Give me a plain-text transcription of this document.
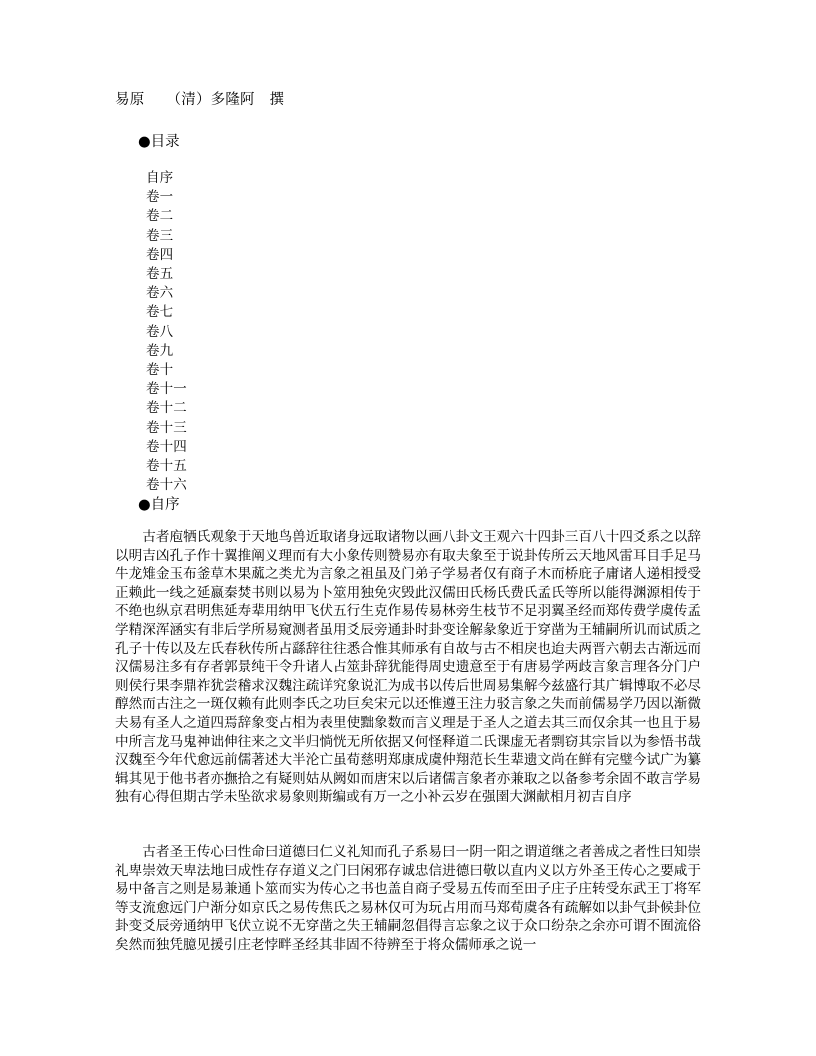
易原　　（清）多隆阿　撰
●目录
自序
卷一
卷二
卷三
卷四
卷五
卷六
卷七
卷八
卷九
卷十
卷十一
卷十二
卷十三
卷十四
卷十五
卷十六
●自序
古者庖牺氏观象于天地鸟兽近取诸身远取诸物以画八卦文王观六十四卦三百八十四爻系之以辞以明吉凶孔子作十翼推阐义理而有大小象传则赞易亦有取夫象至于说卦传所云天地风雷耳目手足马牛龙雉金玉布釜草木果蓏之类尤为言象之祖虽及门弟子学易者仅有商子木而桥庇子庸诸人递相授受正赖此一线之延嬴秦焚书则以易为卜筮用独免灾毁此汉儒田氏杨氏费氏孟氏等所以能得渊源相传于不绝也纵京君明焦延寿辈用纳甲飞伏五行生克作易传易林旁生枝节不足羽翼圣经而郑传费学虞传孟学精深浑涵实有非后学所易窥测者虽用爻辰旁通卦时卦变诠解彖象近于穿凿为王辅嗣所讥而试质之孔子十传以及左氏春秋传所占繇辞往往悉合惟其师承有自故与古不相戾也迨夫两晋六朝去古渐远而汉儒易注多有存者郭景纯干令升诸人占筮卦辞犹能得周史遗意至于有唐易学两歧言象言理各分门户则侯行果李鼎祚犹尝稽求汉魏注疏详究象说汇为成书以传后世周易集解今兹盛行其广辑博取不必尽醇然而古注之一斑仅赖有此则李氏之功巨矣宋元以还惟遵王注力驳言象之失而前儒易学乃因以渐微夫易有圣人之道四焉辞象变占相为表里使黜象数而言义理是于圣人之道去其三而仅余其一也且于易中所言龙马鬼神诎伸往来之文半归惝恍无所依据又何怪释道二氏课虚无者剽窃其宗旨以为参悟书哉汉魏至今年代愈远前儒著述大半沦亡虽荀慈明郑康成虞仲翔范长生辈遗文尚在鲜有完璧今试广为纂辑其见于他书者亦撫拾之有疑则姑从阙如而唐宋以后诸儒言象者亦兼取之以备参考余固不敢言学易独有心得但期古学未坠欲求易象则斯编或有万一之小补云岁在强圉大渊献相月初吉自序
古者圣王传心曰性命曰道德曰仁义礼知而孔子系易曰一阴一阳之谓道继之者善成之者性曰知崇礼卑崇效天卑法地曰成性存存道义之门曰闲邪存诚忠信进德曰敬以直内义以方外圣王传心之要咸于易中备言之则是易兼通卜筮而实为传心之书也盖自商子受易五传而至田子庄子庄转受东武王丁将军等支流愈远门户渐分如京氏之易传焦氏之易林仅可为玩占用而马郑荀虞各有疏解如以卦气卦候卦位卦变爻辰旁通纳甲飞伏立说不无穿凿之失王辅嗣忽倡得言忘象之议于众口纷杂之余亦可谓不囿流俗矣然而独凭臆见援引庄老悖畔圣经其非固不待辨至于将众儒师承之说一
